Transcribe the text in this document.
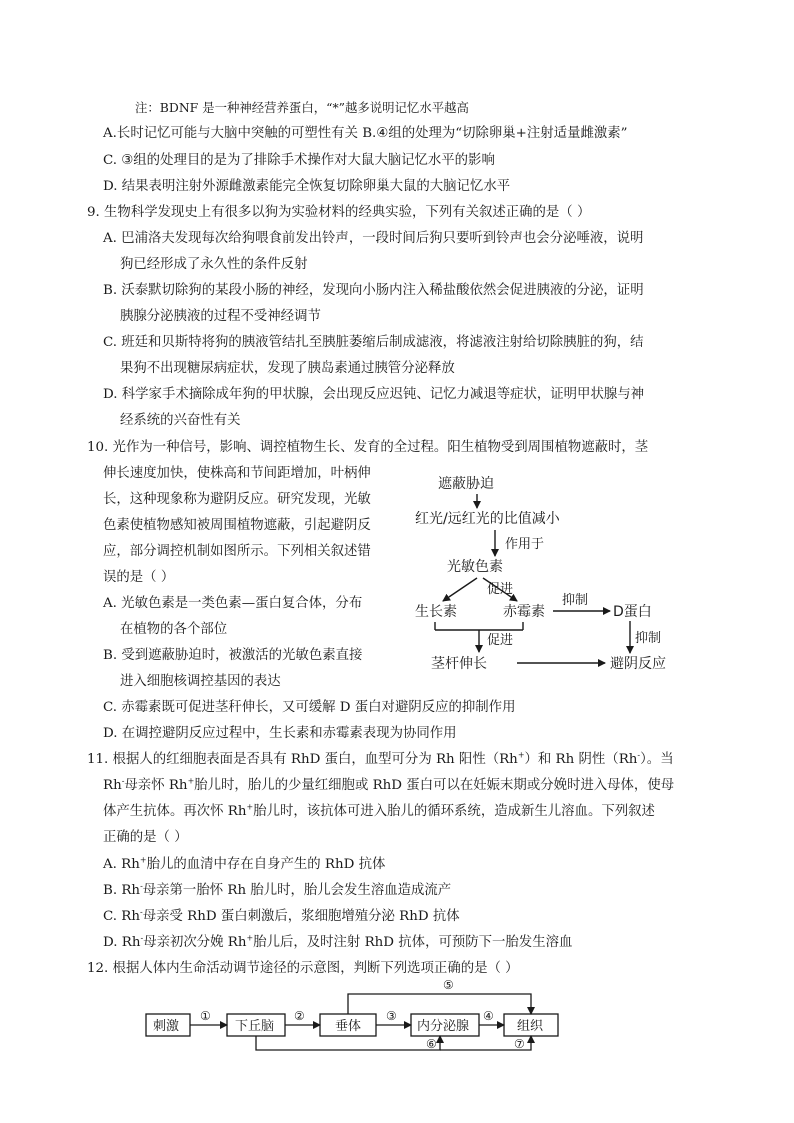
注：BDNF 是一种神经营养蛋白，“*”越多说明记忆水平越高
A.长时记忆可能与大脑中突触的可塑性有关 B.④组的处理为“切除卵巢+注射适量雌激素”
C. ③组的处理目的是为了排除手术操作对大鼠大脑记忆水平的影响
D. 结果表明注射外源雌激素能完全恢复切除卵巢大鼠的大脑记忆水平
9. 生物科学发现史上有很多以狗为实验材料的经典实验，下列有关叙述正确的是（ ）
A. 巴浦洛夫发现每次给狗喂食前发出铃声，一段时间后狗只要听到铃声也会分泌唾液，说明
狗已经形成了永久性的条件反射
B. 沃泰默切除狗的某段小肠的神经，发现向小肠内注入稀盐酸依然会促进胰液的分泌，证明
胰腺分泌胰液的过程不受神经调节
C. 班廷和贝斯特将狗的胰液管结扎至胰脏萎缩后制成滤液，将滤液注射给切除胰脏的狗，结
果狗不出现糖尿病症状，发现了胰岛素通过胰管分泌释放
D. 科学家手术摘除成年狗的甲状腺，会出现反应迟钝、记忆力减退等症状，证明甲状腺与神
经系统的兴奋性有关
10. 光作为一种信号，影响、调控植物生长、发育的全过程。阳生植物受到周围植物遮蔽时，茎
伸长速度加快，使株高和节间距增加，叶柄伸
长，这种现象称为避阴反应。研究发现，光敏
色素使植物感知被周围植物遮蔽，引起避阴反
应，部分调控机制如图所示。下列相关叙述错
误的是（ ）
A. 光敏色素是一类色素—蛋白复合体，分布
在植物的各个部位
B. 受到遮蔽胁迫时，被激活的光敏色素直接
进入细胞核调控基因的表达
C. 赤霉素既可促进茎秆伸长，又可缓解 D 蛋白对避阴反应的抑制作用
D. 在调控避阴反应过程中，生长素和赤霉素表现为协同作用
遮蔽胁迫
红光/远红光的比值减小
作用于
光敏色素
促进
生长素	赤霉素
抑制
D蛋白
抑制
促进
茎杆伸长	避阴反应
11. 根据人的红细胞表面是否具有 RhD 蛋白，血型可分为 Rh 阳性（Rh+）和 Rh 阴性（Rh-）。当
Rh-母亲怀 Rh+胎儿时，胎儿的少量红细胞或 RhD 蛋白可以在妊娠末期或分娩时进入母体，使母
体产生抗体。再次怀 Rh+胎儿时，该抗体可进入胎儿的循环系统，造成新生儿溶血。下列叙述
正确的是（ ）
A. Rh+胎儿的血清中存在自身产生的 RhD 抗体
B. Rh-母亲第一胎怀 Rh 胎儿时，胎儿会发生溶血造成流产
C. Rh-母亲受 RhD 蛋白刺激后，浆细胞增殖分泌 RhD 抗体
D. Rh-母亲初次分娩 Rh+胎儿后，及时注射 RhD 抗体，可预防下一胎发生溶血
12. 根据人体内生命活动调节途径的示意图，判断下列选项正确的是（ ）
刺激	下丘脑	垂体	内分泌腺	组织
①	②	③	④
⑤
⑥	⑦
